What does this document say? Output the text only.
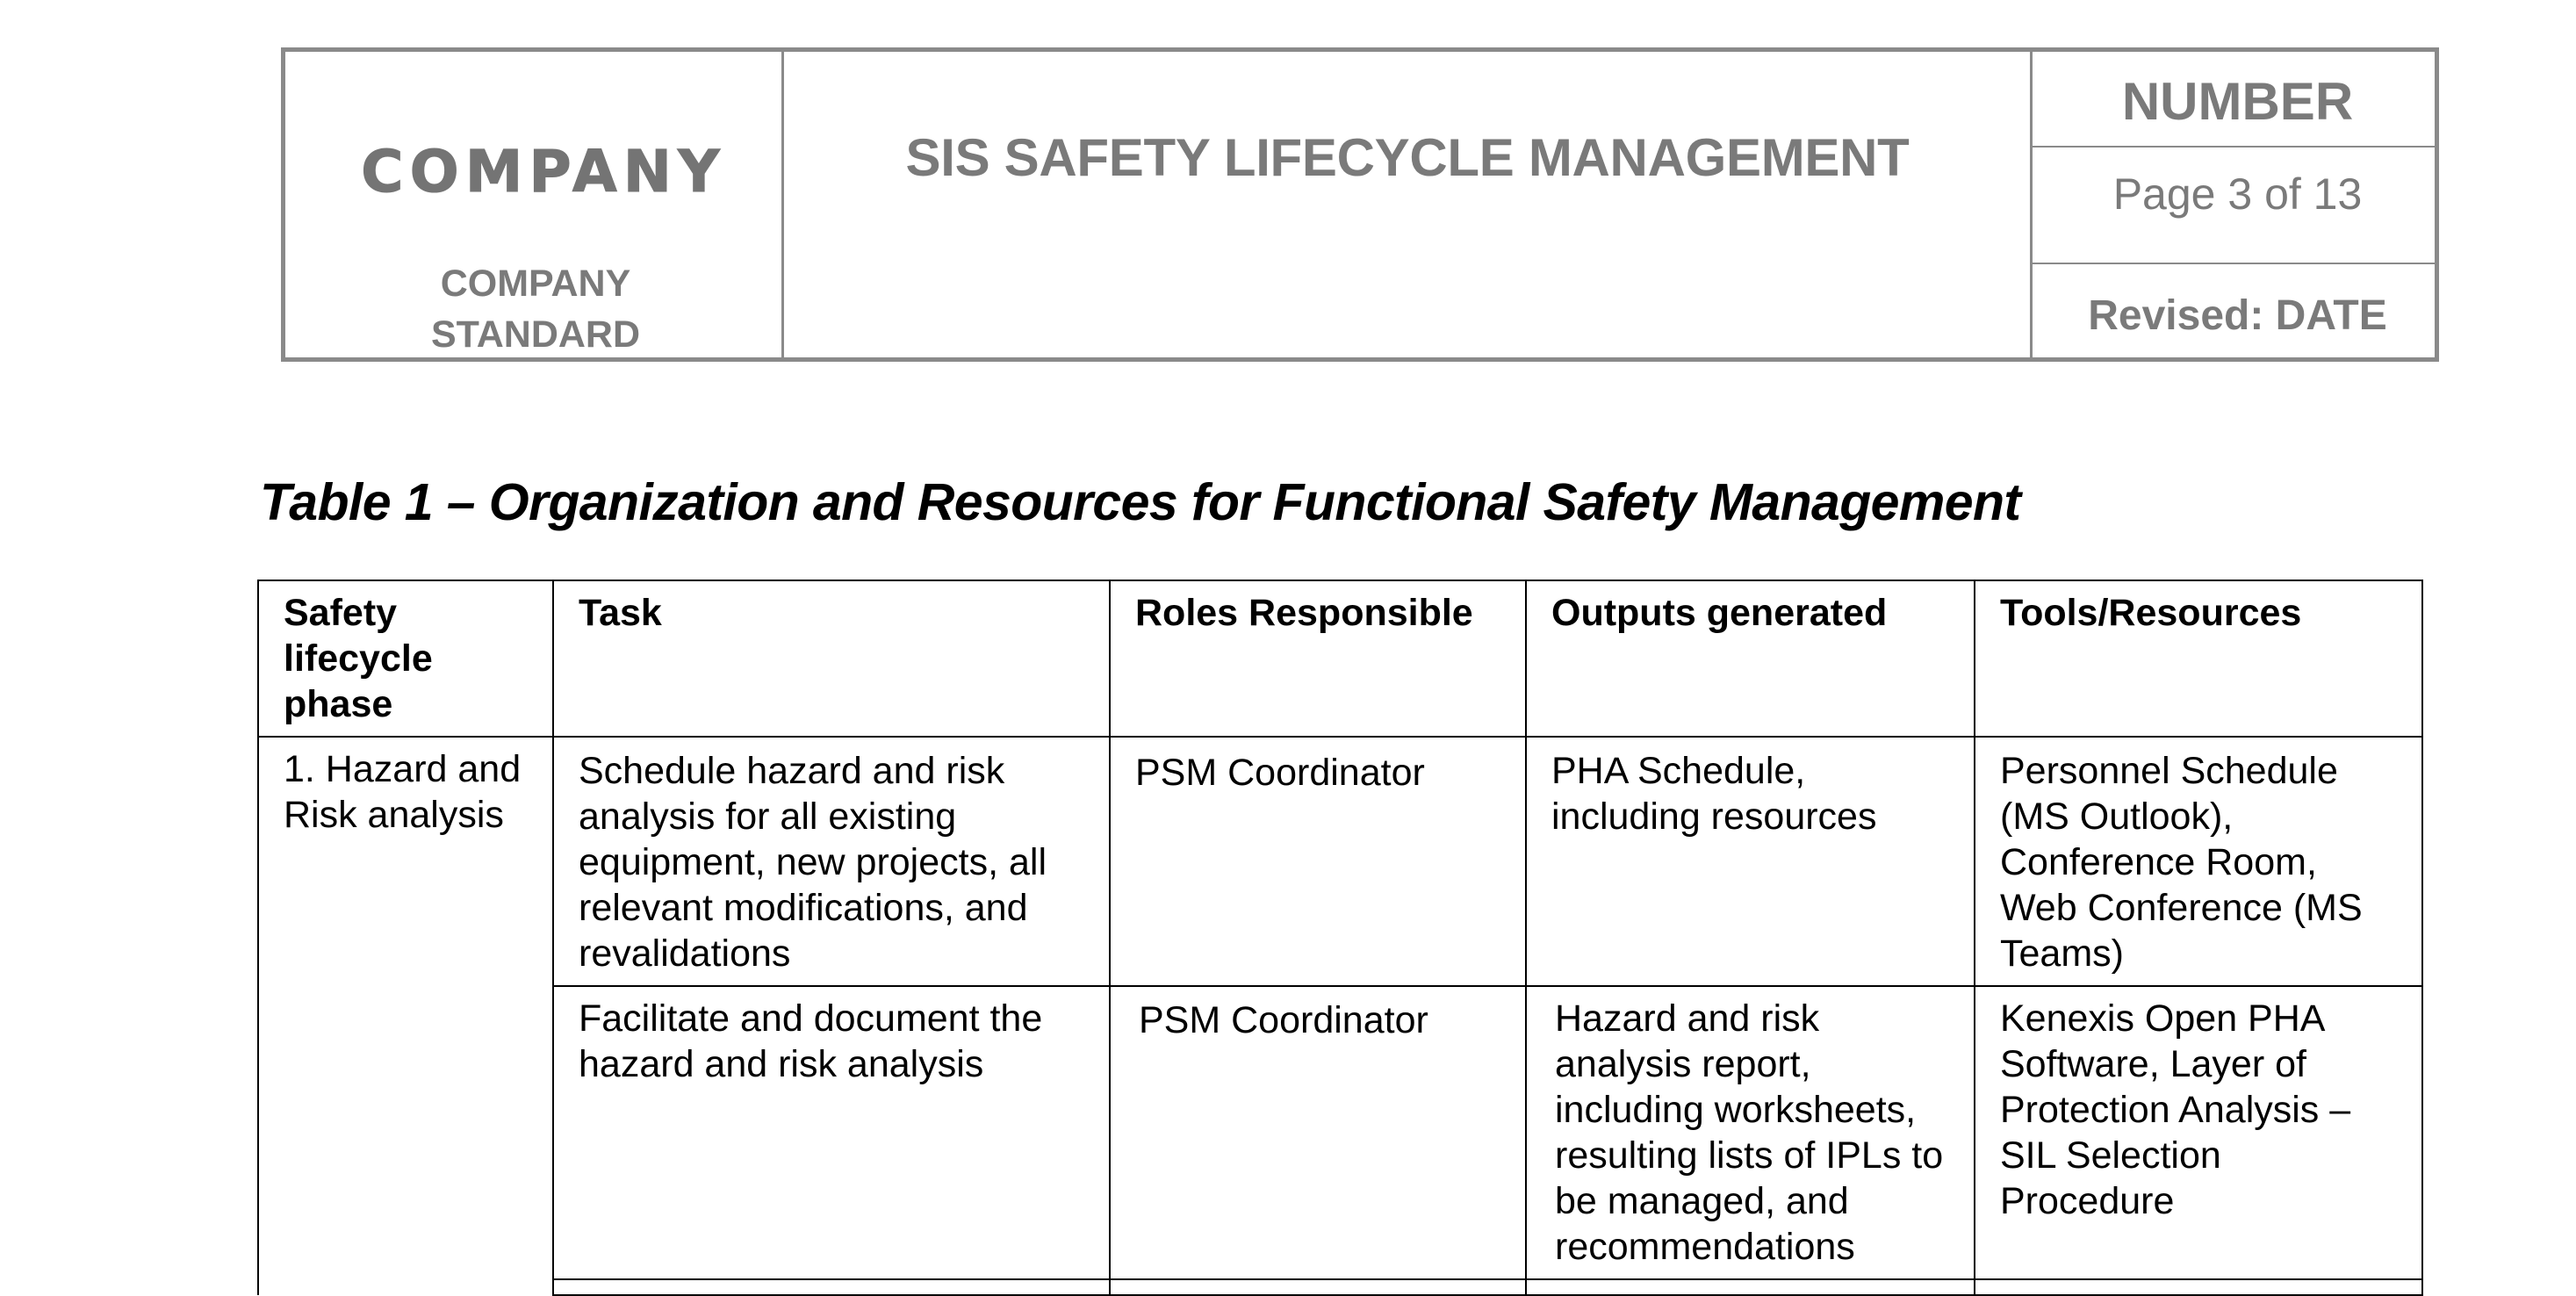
COMPANY
COMPANY
STANDARD
SIS SAFETY LIFECYCLE MANAGEMENT
NUMBER
Page 3 of 13
Revised: DATE
Table 1 – Organization and Resources for Functional Safety Management
Safety lifecycle phase	Task	Roles Responsible	Outputs generated	Tools/Resources
1. Hazard and Risk analysis	Schedule hazard and risk analysis for all existing equipment, new projects, all relevant modifications, and revalidations	PSM Coordinator	PHA Schedule, including resources	Personnel Schedule (MS Outlook), Conference Room, Web Conference (MS Teams)
	Facilitate and document the hazard and risk analysis	PSM Coordinator	Hazard and risk analysis report, including worksheets, resulting lists of IPLs to be managed, and recommendations	Kenexis Open PHA Software, Layer of Protection Analysis – SIL Selection Procedure
